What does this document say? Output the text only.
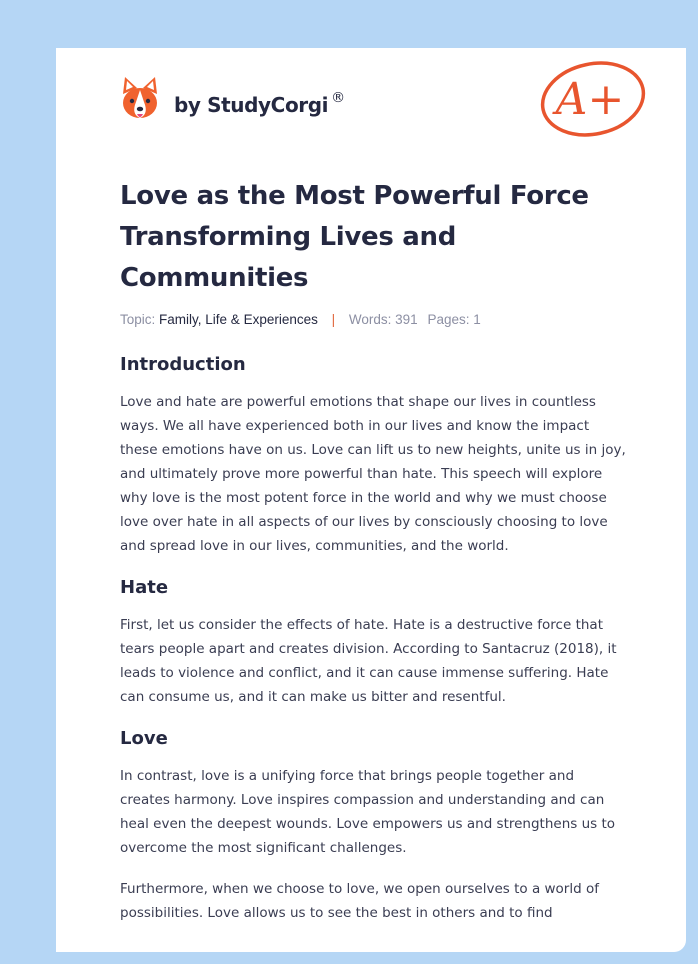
by StudyCorgi ®	A+
Love as the Most Powerful Force Transforming Lives and Communities
Topic: Family, Life & Experiences | Words: 391 Pages: 1
Introduction

Love and hate are powerful emotions that shape our lives in countless ways. We all have experienced both in our lives and know the impact these emotions have on us. Love can lift us to new heights, unite us in joy, and ultimately prove more powerful than hate. This speech will explore why love is the most potent force in the world and why we must choose love over hate in all aspects of our lives by consciously choosing to love and spread love in our lives, communities, and the world.

Hate

First, let us consider the effects of hate. Hate is a destructive force that tears people apart and creates division. According to Santacruz (2018), it leads to violence and conflict, and it can cause immense suffering. Hate can consume us, and it can make us bitter and resentful.

Love

In contrast, love is a unifying force that brings people together and creates harmony. Love inspires compassion and understanding and can heal even the deepest wounds. Love empowers us and strengthens us to overcome the most significant challenges.

Furthermore, when we choose to love, we open ourselves to a world of possibilities. Love allows us to see the best in others and to find
